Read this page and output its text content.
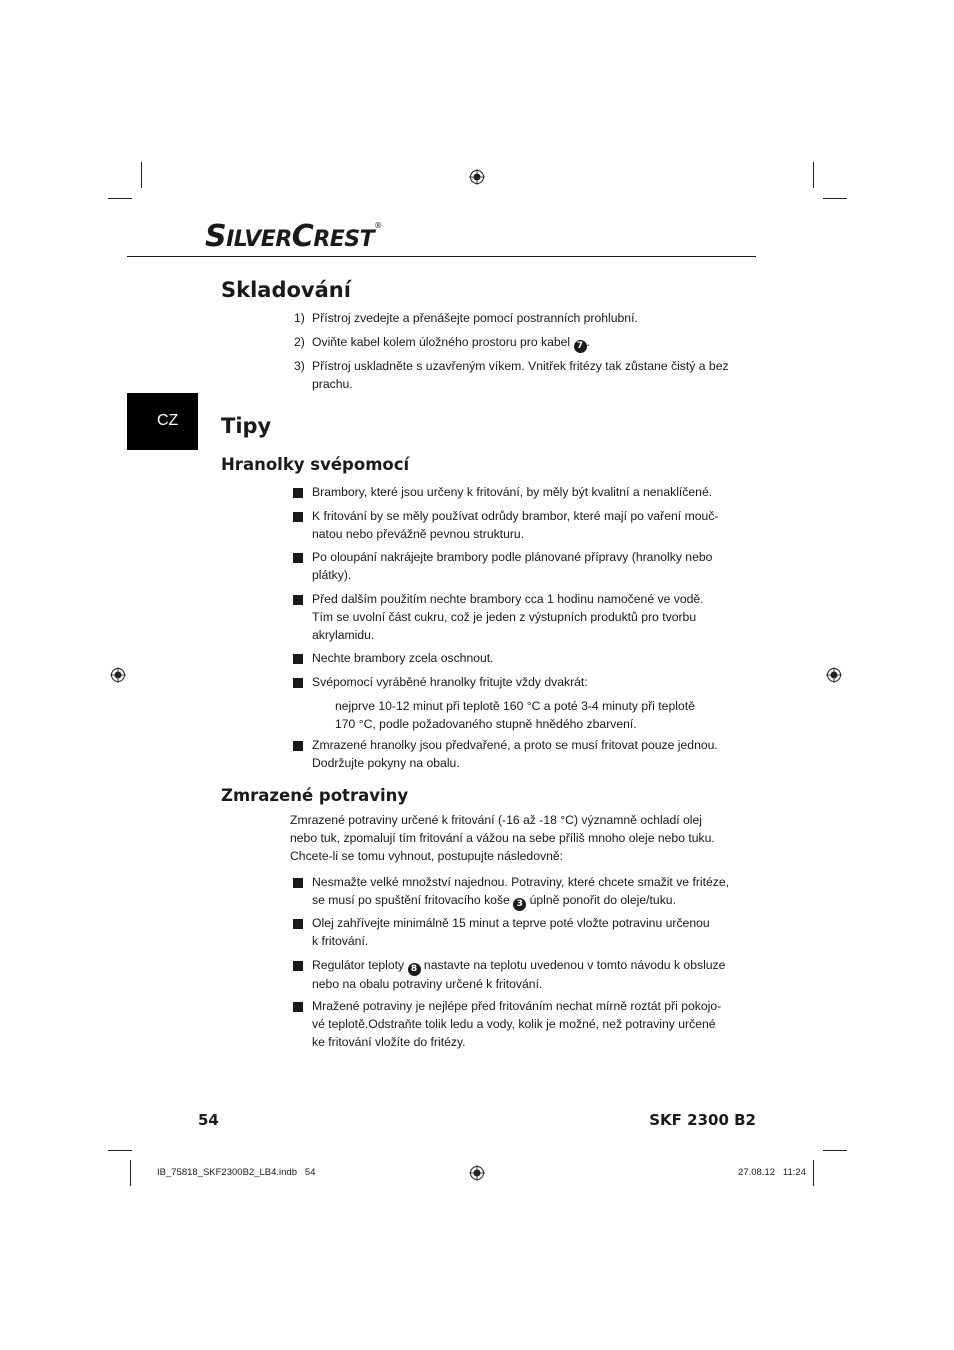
SILVERCREST®
CZ
Skladování
1) Přístroj zvedejte a přenášejte pomocí postranních prohlubní.
2) Oviňte kabel kolem úložného prostoru pro kabel 7 .
3) Přístroj uskladněte s uzavřeným víkem. Vnitřek fritézy tak zůstane čistý a bez
prachu.
Tipy
Hranolky svépomocí
Brambory, které jsou určeny k fritování, by měly být kvalitní a nenaklíčené.
K fritování by se měly používat odrůdy brambor, které mají po vaření mouč-
natou nebo převážně pevnou strukturu.
Po oloupání nakrájejte brambory podle plánované přípravy (hranolky nebo
plátky).
Před dalším použitím nechte brambory cca 1 hodinu namočené ve vodě.
Tím se uvolní část cukru, což je jeden z výstupních produktů pro tvorbu
akrylamidu.
Nechte brambory zcela oschnout.
Svépomocí vyráběné hranolky fritujte vždy dvakrát:
nejprve 10-12 minut při teplotě 160 °C a poté 3-4 minuty při teplotě
170 °C, podle požadovaného stupně hnědého zbarvení.
Zmrazené hranolky jsou předvařené, a proto se musí fritovat pouze jednou.
Dodržujte pokyny na obalu.
Zmrazené potraviny
Zmrazené potraviny určené k fritování (-16 až -18 °C) významně ochladí olej
nebo tuk, zpomalují tím fritování a vážou na sebe příliš mnoho oleje nebo tuku.
Chcete-li se tomu vyhnout, postupujte následovně:
Nesmažte velké množství najednou. Potraviny, které chcete smažit ve fritéze,
se musí po spuštění fritovacího koše 3 úplně ponořit do oleje/tuku.
Olej zahřívejte minimálně 15 minut a teprve poté vložte potravinu určenou
k fritování.
Regulátor teploty 8 nastavte na teplotu uvedenou v tomto návodu k obsluze
nebo na obalu potraviny určené k fritování.
Mražené potraviny je nejlépe před fritováním nechat mírně roztát při pokojo-
vé teplotě.Odstraňte tolik ledu a vody, kolik je možné, než potraviny určené
ke fritování vložíte do fritézy.
54	SKF 2300 B2
IB_75818_SKF2300B2_LB4.indb   54	27.08.12   11:24
